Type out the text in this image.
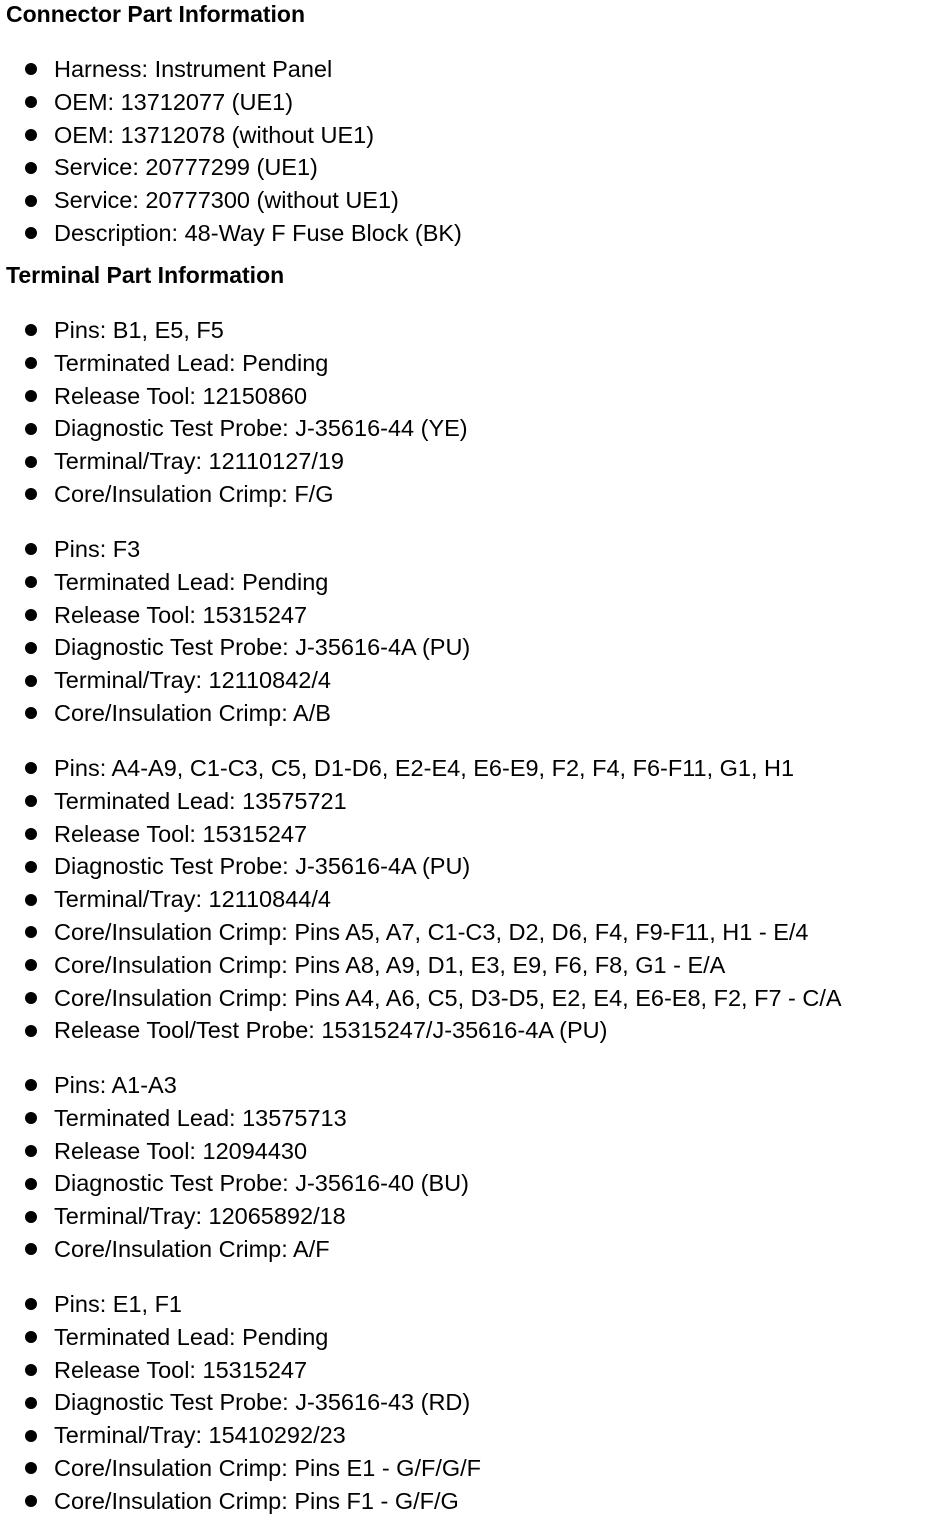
Connector Part Information
Harness: Instrument Panel
OEM: 13712077 (UE1)
OEM: 13712078 (without UE1)
Service: 20777299 (UE1)
Service: 20777300 (without UE1)
Description: 48-Way F Fuse Block (BK)
Terminal Part Information
Pins: B1, E5, F5
Terminated Lead: Pending
Release Tool: 12150860
Diagnostic Test Probe: J-35616-44 (YE)
Terminal/Tray: 12110127/19
Core/Insulation Crimp: F/G
Pins: F3
Terminated Lead: Pending
Release Tool: 15315247
Diagnostic Test Probe: J-35616-4A (PU)
Terminal/Tray: 12110842/4
Core/Insulation Crimp: A/B
Pins: A4-A9, C1-C3, C5, D1-D6, E2-E4, E6-E9, F2, F4, F6-F11, G1, H1
Terminated Lead: 13575721
Release Tool: 15315247
Diagnostic Test Probe: J-35616-4A (PU)
Terminal/Tray: 12110844/4
Core/Insulation Crimp: Pins A5, A7, C1-C3, D2, D6, F4, F9-F11, H1 - E/4
Core/Insulation Crimp: Pins A8, A9, D1, E3, E9, F6, F8, G1 - E/A
Core/Insulation Crimp: Pins A4, A6, C5, D3-D5, E2, E4, E6-E8, F2, F7 - C/A
Release Tool/Test Probe: 15315247/J-35616-4A (PU)
Pins: A1-A3
Terminated Lead: 13575713
Release Tool: 12094430
Diagnostic Test Probe: J-35616-40 (BU)
Terminal/Tray: 12065892/18
Core/Insulation Crimp: A/F
Pins: E1, F1
Terminated Lead: Pending
Release Tool: 15315247
Diagnostic Test Probe: J-35616-43 (RD)
Terminal/Tray: 15410292/23
Core/Insulation Crimp: Pins E1 - G/F/G/F
Core/Insulation Crimp: Pins F1 - G/F/G
